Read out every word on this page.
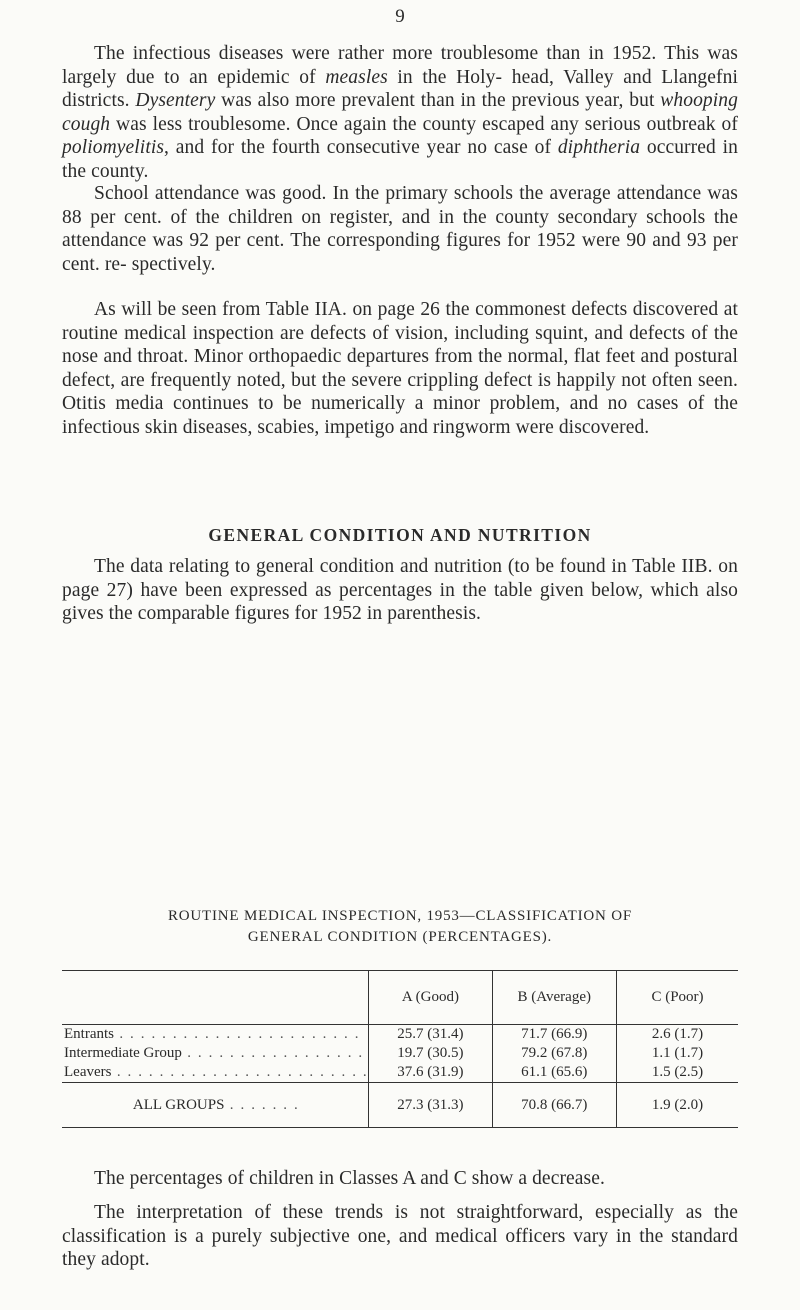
9

The infectious diseases were rather more troublesome than in 1952. This was largely due to an epidemic of measles in the Holy- head, Valley and Llangefni districts. Dysentery was also more prevalent than in the previous year, but whooping cough was less troublesome. Once again the county escaped any serious outbreak of poliomyelitis, and for the fourth consecutive year no case of diphtheria occurred in the county.

School attendance was good. In the primary schools the average attendance was 88 per cent. of the children on register, and in the county secondary schools the attendance was 92 per cent. The corresponding figures for 1952 were 90 and 93 per cent. re- spectively.

As will be seen from Table IIA. on page 26 the commonest defects discovered at routine medical inspection are defects of vision, including squint, and defects of the nose and throat. Minor orthopaedic departures from the normal, flat feet and postural defect, are frequently noted, but the severe crippling defect is happily not often seen. Otitis media continues to be numerically a minor problem, and no cases of the infectious skin diseases, scabies, impetigo and ringworm were discovered.

GENERAL CONDITION AND NUTRITION

The data relating to general condition and nutrition (to be found in Table IIB. on page 27) have been expressed as percentages in the table given below, which also gives the comparable figures for 1952 in parenthesis.

ROUTINE MEDICAL INSPECTION, 1953—CLASSIFICATION OF
GENERAL CONDITION (PERCENTAGES).
	A (Good)	B (Average)	C (Poor)
Entrants . . . . . . . . . . . . . . . . . . . . . . .	25.7 (31.4)	71.7 (66.9)	2.6 (1.7)
Intermediate Group . . . . . . . . . . . . . . . . .	19.7 (30.5)	79.2 (67.8)	1.1 (1.7)
Leavers . . . . . . . . . . . . . . . . . . . . . . . .	37.6 (31.9)	61.1 (65.6)	1.5 (2.5)
ALL GROUPS . . . . . . .	27.3 (31.3)	70.8 (66.7)	1.9 (2.0)

The percentages of children in Classes A and C show a decrease.

The interpretation of these trends is not straightforward, especially as the classification is a purely subjective one, and medical officers vary in the standard they adopt.
